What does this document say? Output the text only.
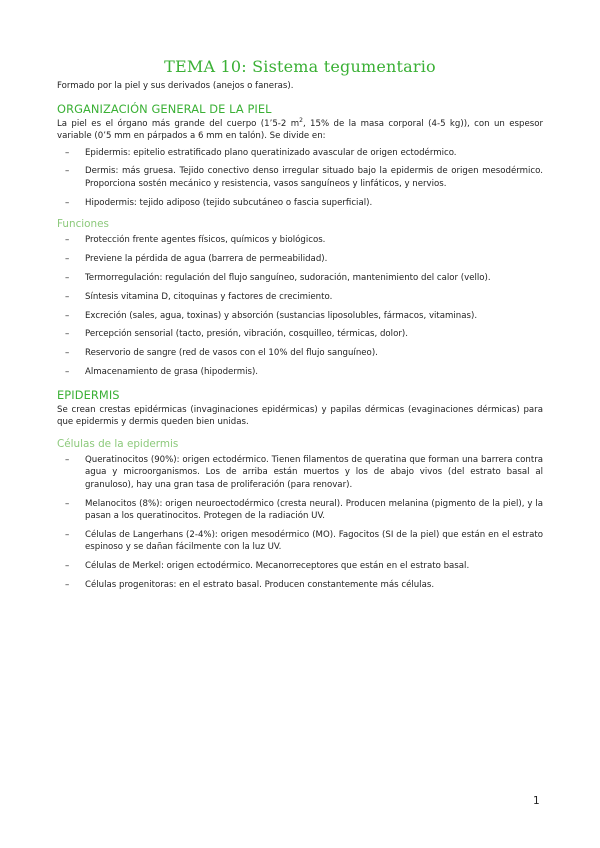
TEMA 10: Sistema tegumentario

Formado por la piel y sus derivados (anejos o faneras).

ORGANIZACIÓN GENERAL DE LA PIEL

La piel es el órgano más grande del cuerpo (1’5-2 $m^2$, 15% de la masa corporal (4-5 kg)), con un espesor variable (0’5 mm en párpados a 6 mm en talón). Se divide en:

– Epidermis: epitelio estratificado plano queratinizado avascular de origen ectodérmico.
– Dermis: más gruesa. Tejido conectivo denso irregular situado bajo la epidermis de origen mesodérmico. Proporciona sostén mecánico y resistencia, vasos sanguíneos y linfáticos, y nervios.
– Hipodermis: tejido adiposo (tejido subcutáneo o fascia superficial).
Funciones
– Protección frente agentes físicos, químicos y biológicos.
– Previene la pérdida de agua (barrera de permeabilidad).
– Termorregulación: regulación del flujo sanguíneo, sudoración, mantenimiento del calor (vello).
– Síntesis vitamina D, citoquinas y factores de crecimiento.
– Excreción (sales, agua, toxinas) y absorción (sustancias liposolubles, fármacos, vitaminas).
– Percepción sensorial (tacto, presión, vibración, cosquilleo, térmicas, dolor).
– Reservorio de sangre (red de vasos con el 10% del flujo sanguíneo).
– Almacenamiento de grasa (hipodermis).
EPIDERMIS

Se crean crestas epidérmicas (invaginaciones epidérmicas) y papilas dérmicas (evaginaciones dérmicas) para que epidermis y dermis queden bien unidas.

Células de la epidermis
– Queratinocitos (90%): origen ectodérmico. Tienen filamentos de queratina que forman una barrera contra agua y microorganismos. Los de arriba están muertos y los de abajo vivos (del estrato basal al granuloso), hay una gran tasa de proliferación (para renovar).
– Melanocitos (8%): origen neuroectodérmico (cresta neural). Producen melanina (pigmento de la piel), y la pasan a los queratinocitos. Protegen de la radiación UV.
– Células de Langerhans (2-4%): origen mesodérmico (MO). Fagocitos (SI de la piel) que están en el estrato espinoso y se dañan fácilmente con la luz UV.
– Células de Merkel: origen ectodérmico. Mecanorreceptores que están en el estrato basal.
– Células progenitoras: en el estrato basal. Producen constantemente más células.
1
